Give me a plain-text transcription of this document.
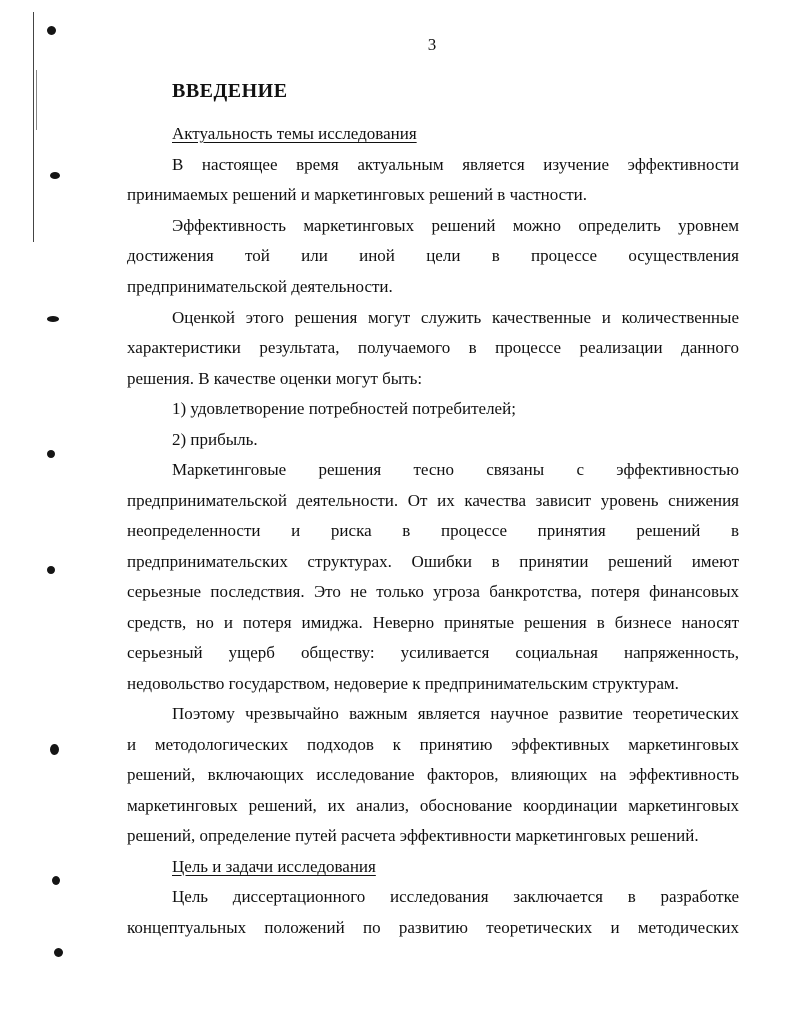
3
ВВЕДЕНИЕ
Актуальность темы исследования
В настоящее время актуальным является изучение эффективности
принимаемых решений и маркетинговых решений в частности.
Эффективность маркетинговых решений можно определить уровнем
достижения той или иной цели в процессе осуществления
предпринимательской деятельности.
Оценкой этого решения могут служить качественные и количественные
характеристики результата, получаемого в процессе реализации данного
решения. В качестве оценки могут быть:
1) удовлетворение потребностей потребителей;
2) прибыль.
Маркетинговые решения тесно связаны с эффективностью
предпринимательской деятельности. От их качества зависит уровень снижения
неопределенности и риска в процессе принятия решений в
предпринимательских структурах. Ошибки в принятии решений имеют
серьезные последствия. Это не только угроза банкротства, потеря финансовых
средств, но и потеря имиджа. Неверно принятые решения в бизнесе наносят
серьезный ущерб обществу: усиливается социальная напряженность,
недовольство государством, недоверие к предпринимательским структурам.
Поэтому чрезвычайно важным является научное развитие теоретических
и методологических подходов к принятию эффективных маркетинговых
решений, включающих исследование факторов, влияющих на эффективность
маркетинговых решений, их анализ, обоснование координации маркетинговых
решений, определение путей расчета эффективности маркетинговых решений.
Цель и задачи исследования
Цель диссертационного исследования заключается в разработке
концептуальных положений по развитию теоретических и методических
